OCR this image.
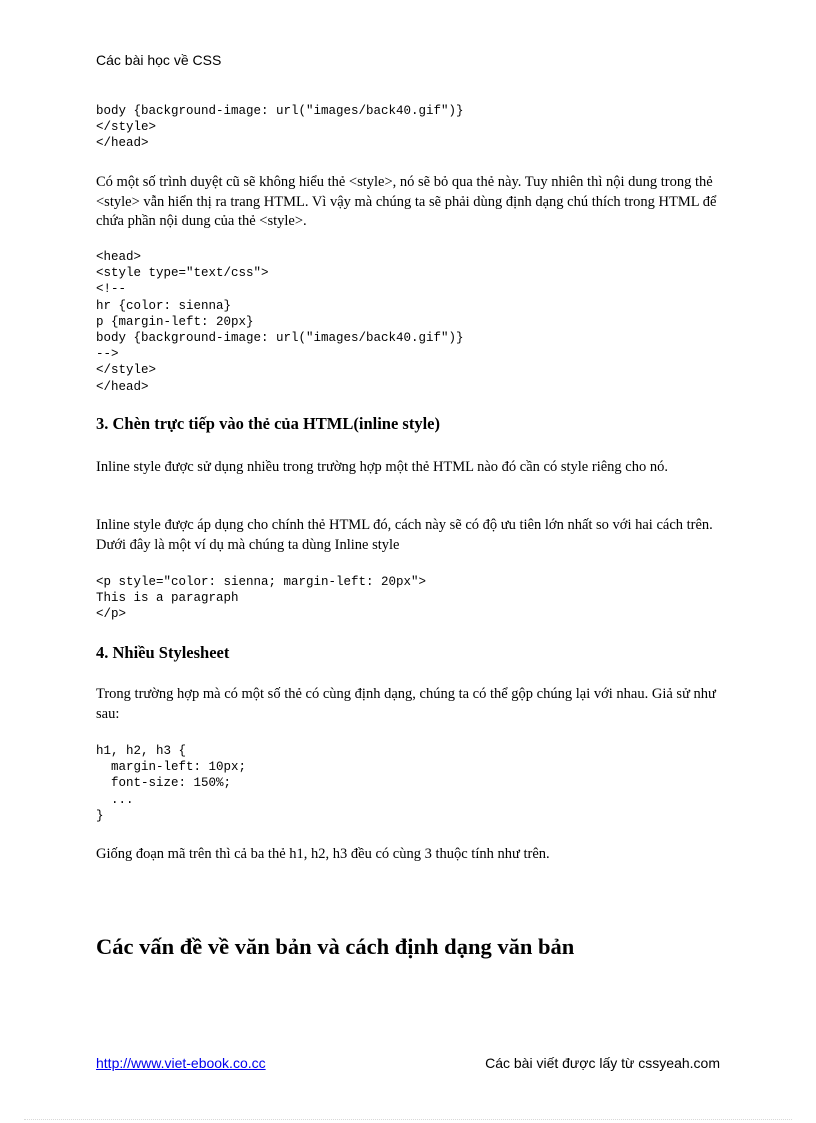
Các bài học về CSS
body {background-image: url("images/back40.gif")}
</style>
</head>

Có một số trình duyệt cũ sẽ không hiểu thẻ <style>, nó sẽ bỏ qua thẻ này. Tuy nhiên thì nội dung trong thẻ <style> vẫn hiển thị ra trang HTML. Vì vậy mà chúng ta sẽ phải dùng định dạng chú thích trong HTML để chứa phần nội dung của thẻ <style>.

<head>
<style type="text/css">
<!--
hr {color: sienna}
p {margin-left: 20px}
body {background-image: url("images/back40.gif")}
-->
</style>
</head>
3. Chèn trực tiếp vào thẻ của HTML(inline style)

Inline style được sử dụng nhiều trong trường hợp một thẻ HTML nào đó cần có style riêng cho nó.

Inline style được áp dụng cho chính thẻ HTML đó, cách này sẽ có độ ưu tiên lớn nhất so với hai cách trên. Dưới đây là một ví dụ mà chúng ta dùng Inline style

<p style="color: sienna; margin-left: 20px">
This is a paragraph
</p>
4. Nhiều Stylesheet

Trong trường hợp mà có một số thẻ có cùng định dạng, chúng ta có thể gộp chúng lại với nhau. Giả sử như sau:

h1, h2, h3 {
margin-left: 10px;
font-size: 150%;
...
}

Giống đoạn mã trên thì cả ba thẻ h1, h2, h3 đều có cùng 3 thuộc tính như trên.

Các vấn đề về văn bản và cách định dạng văn bản
http://www.viet-ebook.co.cc	Các bài viết được lấy từ cssyeah.com
